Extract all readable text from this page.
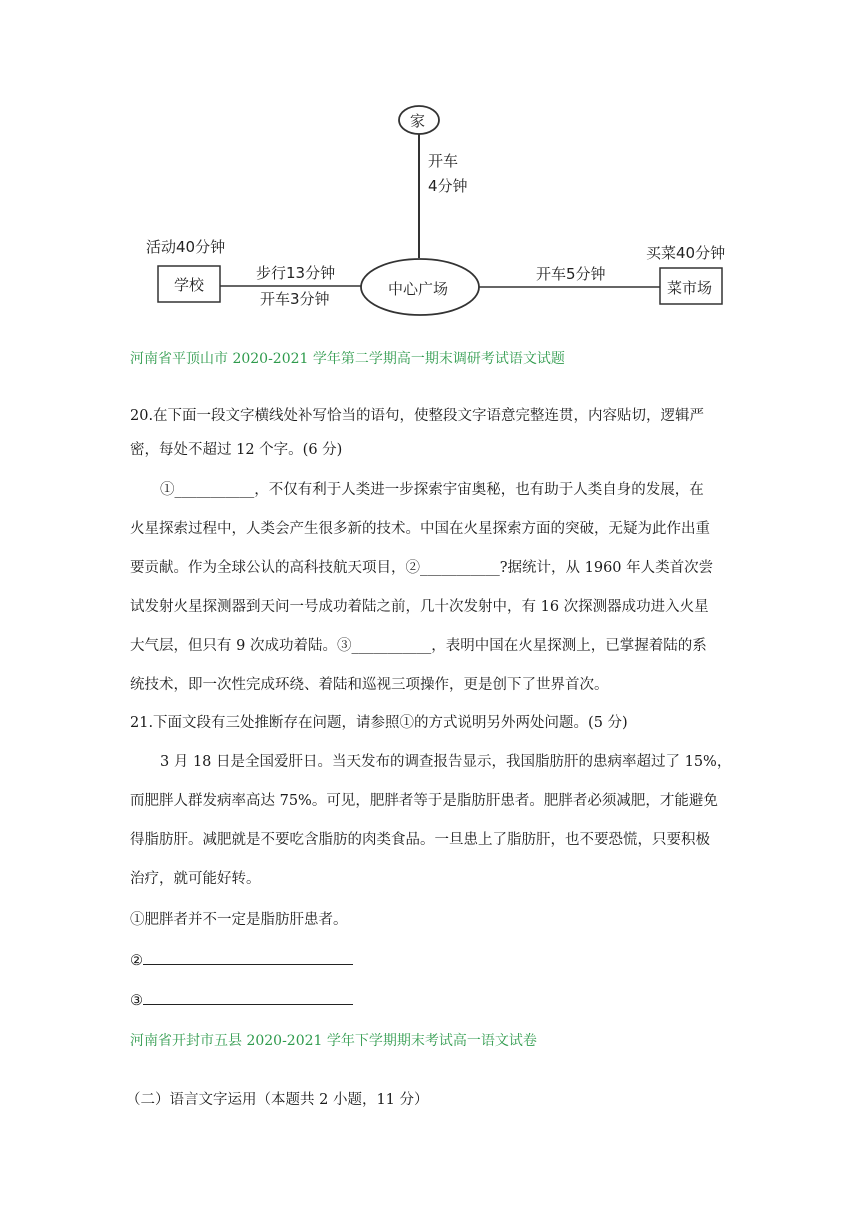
家
开车
4分钟
活动40分钟
学校
步行13分钟
开车3分钟
中心广场
开车5分钟
买菜40分钟
菜市场
河南省平顶山市 2020-2021 学年第二学期高一期末调研考试语文试题
20.在下面一段文字横线处补写恰当的语句，使整段文字语意完整连贯，内容贴切，逻辑严
密，每处不超过 12 个字。(6 分)
①___________，不仅有利于人类进一步探索宇宙奥秘，也有助于人类自身的发展，在
火星探索过程中，人类会产生很多新的技术。中国在火星探索方面的突破，无疑为此作出重
要贡献。作为全球公认的高科技航天项目，②___________?据统计，从 1960 年人类首次尝
试发射火星探测器到天问一号成功着陆之前，几十次发射中，有 16 次探测器成功进入火星
大气层，但只有 9 次成功着陆。③___________，表明中国在火星探测上，已掌握着陆的系
统技术，即一次性完成环绕、着陆和巡视三项操作，更是创下了世界首次。
21.下面文段有三处推断存在问题，请参照①的方式说明另外两处问题。(5 分)
3 月 18 日是全国爱肝日。当天发布的调查报告显示，我国脂肪肝的患病率超过了 15%，
而肥胖人群发病率高达 75%。可见，肥胖者等于是脂肪肝患者。肥胖者必须减肥，才能避免
得脂肪肝。减肥就是不要吃含脂肪的肉类食品。一旦患上了脂肪肝，也不要恐慌，只要积极
治疗，就可能好转。
①肥胖者并不一定是脂肪肝患者。
②
③
河南省开封市五县 2020-2021 学年下学期期末考试高一语文试卷
（二）语言文字运用（本题共 2 小题，11 分）
